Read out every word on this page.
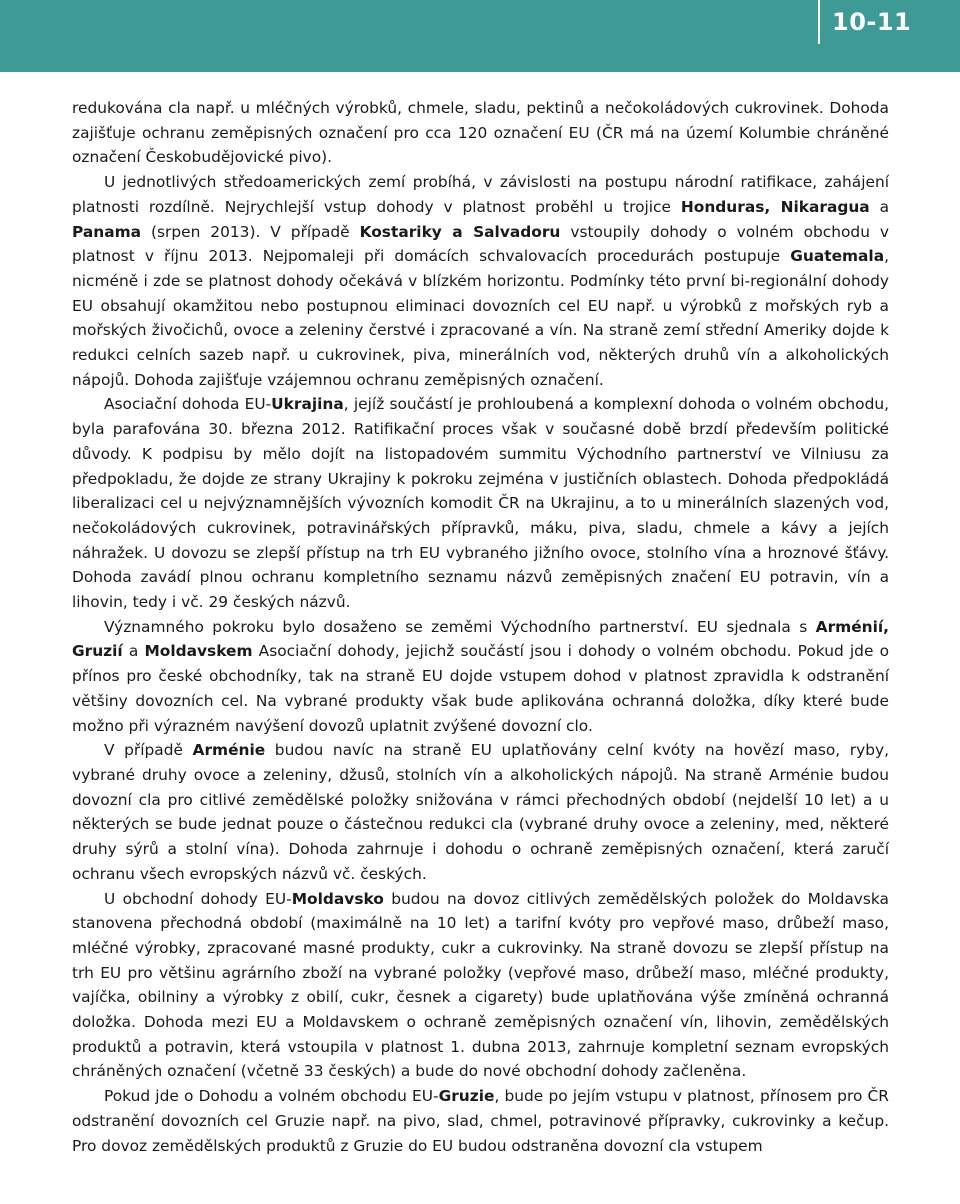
10-11

redukována cla např. u mléčných výrobků, chmele, sladu, pektinů a nečokoládových cukrovinek. Dohoda zajišťuje ochranu zeměpisných označení pro cca 120 označení EU (ČR má na území Kolumbie chráněné označení Českobudějovické pivo).

U jednotlivých středoamerických zemí probíhá, v závislosti na postupu národní ratifikace, zahájení platnosti rozdílně. Nejrychlejší vstup dohody v platnost proběhl u trojice Honduras, Nikaragua a Panama (srpen 2013). V případě Kostariky a Salvadoru vstoupily dohody o volném obchodu v platnost v říjnu 2013. Nejpomaleji při domácích schvalovacích procedurách postupuje Guatemala, nicméně i zde se platnost dohody očekává v blízkém horizontu. Podmínky této první bi-regionální dohody EU obsahují okamžitou nebo postupnou eliminaci dovozních cel EU např. u výrobků z mořských ryb a mořských živočichů, ovoce a zeleniny čerstvé i zpracované a vín. Na straně zemí střední Ameriky dojde k redukci celních sazeb např. u cukrovinek, piva, minerálních vod, některých druhů vín a alkoholických nápojů. Dohoda zajišťuje vzájemnou ochranu zeměpisných označení.

Asociační dohoda EU-Ukrajina, jejíž součástí je prohloubená a komplexní dohoda o volném obchodu, byla parafována 30. března 2012. Ratifikační proces však v současné době brzdí především politické důvody. K podpisu by mělo dojít na listopadovém summitu Východního partnerství ve Vilniusu za předpokladu, že dojde ze strany Ukrajiny k pokroku zejména v justičních oblastech. Dohoda předpokládá liberalizaci cel u nejvýznamnějších vývozních komodit ČR na Ukrajinu, a to u minerálních slazených vod, nečokoládových cukrovinek, potravinářských přípravků, máku, piva, sladu, chmele a kávy a jejích náhražek. U dovozu se zlepší přístup na trh EU vybraného jižního ovoce, stolního vína a hroznové šťávy. Dohoda zavádí plnou ochranu kompletního seznamu názvů zeměpisných značení EU potravin, vín a lihovin, tedy i vč. 29 českých názvů.

Významného pokroku bylo dosaženo se zeměmi Východního partnerství. EU sjednala s Arménií, Gruzií a Moldavskem Asociační dohody, jejichž součástí jsou i dohody o volném obchodu. Pokud jde o přínos pro české obchodníky, tak na straně EU dojde vstupem dohod v platnost zpravidla k odstranění většiny dovozních cel. Na vybrané produkty však bude aplikována ochranná doložka, díky které bude možno při výrazném navýšení dovozů uplatnit zvýšené dovozní clo.

V případě Arménie budou navíc na straně EU uplatňovány celní kvóty na hovězí maso, ryby, vybrané druhy ovoce a zeleniny, džusů, stolních vín a alkoholických nápojů. Na straně Arménie budou dovozní cla pro citlivé zemědělské položky snižována v rámci přechodných období (nejdelší 10 let) a u některých se bude jednat pouze o částečnou redukci cla (vybrané druhy ovoce a zeleniny, med, některé druhy sýrů a stolní vína). Dohoda zahrnuje i dohodu o ochraně zeměpisných označení, která zaručí ochranu všech evropských názvů vč. českých.

U obchodní dohody EU-Moldavsko budou na dovoz citlivých zemědělských položek do Moldavska stanovena přechodná období (maximálně na 10 let) a tarifní kvóty pro vepřové maso, drůbeží maso, mléčné výrobky, zpracované masné produkty, cukr a cukrovinky. Na straně dovozu se zlepší přístup na trh EU pro většinu agrárního zboží na vybrané položky (vepřové maso, drůbeží maso, mléčné produkty, vajíčka, obilniny a výrobky z obilí, cukr, česnek a cigarety) bude uplatňována výše zmíněná ochranná doložka. Dohoda mezi EU a Moldavskem o ochraně zeměpisných označení vín, lihovin, zemědělských produktů a potravin, která vstoupila v platnost 1. dubna 2013, zahrnuje kompletní seznam evropských chráněných označení (včetně 33 českých) a bude do nové obchodní dohody začleněna.

Pokud jde o Dohodu a volném obchodu EU-Gruzie, bude po jejím vstupu v platnost, přínosem pro ČR odstranění dovozních cel Gruzie např. na pivo, slad, chmel, potravinové přípravky, cukrovinky a kečup. Pro dovoz zemědělských produktů z Gruzie do EU budou odstraněna dovozní cla vstupem
